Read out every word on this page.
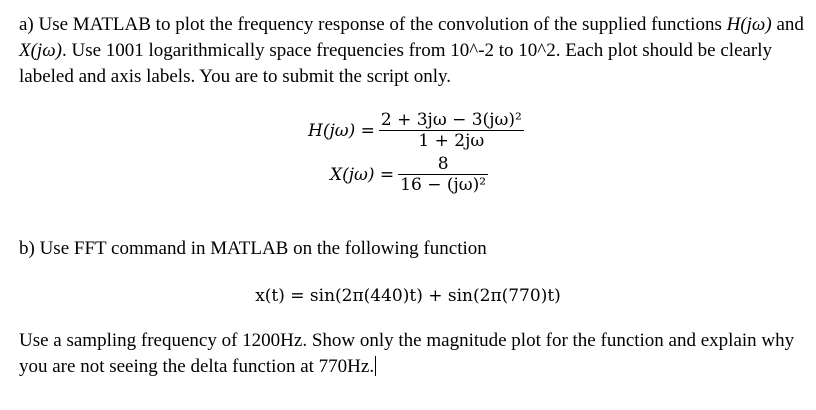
a) Use MATLAB to plot the frequency response of the convolution of the supplied functions H(jω) and X(jω). Use 1001 logarithmically space frequencies from 10^-2 to 10^2. Each plot should be clearly labeled and axis labels. You are to submit the script only.

$H(j\omega) = \frac{\text{2 + 3jω − 3(jω)²}}{1 + 2j\omega}$
$X(j\omega) = \frac{8}{\text{16 − (jω)²}}$

b) Use FFT command in MATLAB on the following function

x(t) = sin(2π(440)t) + sin(2π(770)t)

Use a sampling frequency of 1200Hz. Show only the magnitude plot for the function and explain why you are not seeing the delta function at 770Hz.
